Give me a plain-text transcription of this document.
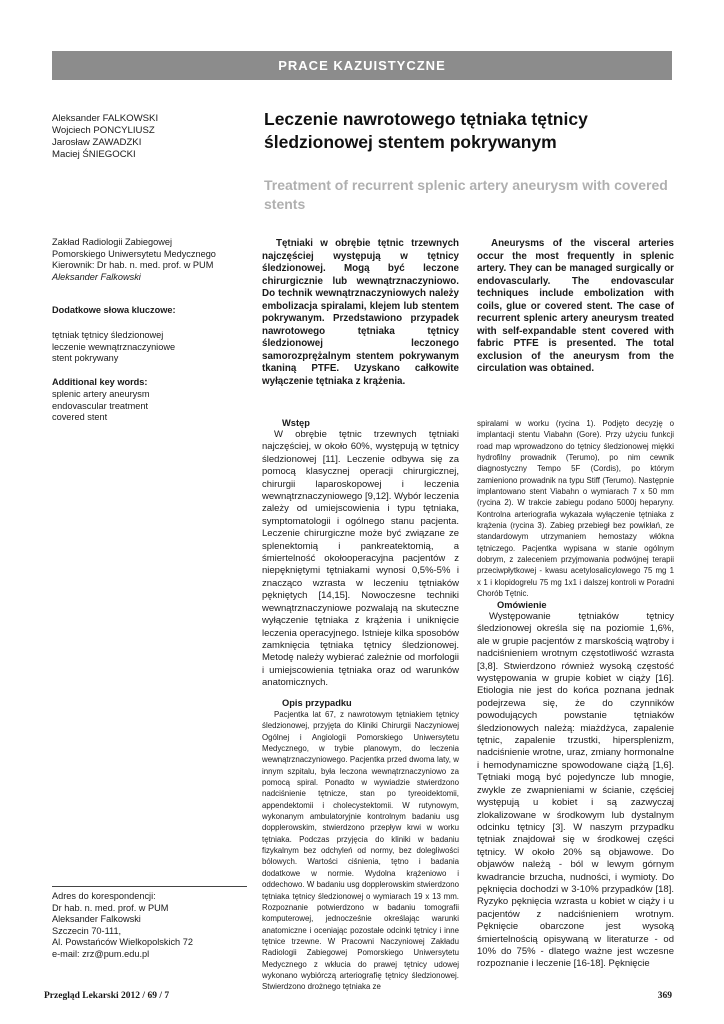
PRACE KAZUISTYCZNE
Aleksander FALKOWSKI
Wojciech PONCYLIUSZ
Jarosław ZAWADZKI
Maciej ŚNIEGOCKI
Leczenie nawrotowego tętniaka tętnicy śledzionowej stentem pokrywanym
Treatment of recurrent splenic artery aneurysm with covered stents
Zakład Radiologii Zabiegowej
Pomorskiego Uniwersytetu Medycznego
Kierownik: Dr hab. n. med. prof. w PUM
Aleksander Falkowski
Dodatkowe słowa kluczowe:
tętniak tętnicy śledzionowej
leczenie wewnątrznaczyniowe
stent pokrywany
Additional key words:
splenic artery aneurysm
endovascular treatment
covered stent
Adres do korespondencji:
Dr hab. n. med. prof. w PUM
Aleksander Falkowski
Szczecin 70-111,
Al. Powstańców Wielkopolskich 72
e-mail: zrz@pum.edu.pl
Tętniaki w obrębie tętnic trzewnych najczęściej występują w tętnicy śledzionowej. Mogą być leczone chirurgicznie lub wewnątrznaczyniowo. Do technik wewnątrznaczyniowych należy embolizacja spiralami, klejem lub stentem pokrywanym. Przedstawiono przypadek nawrotowego tętniaka tętnicy śledzionowej leczonego samorozprężalnym stentem pokrywanym tkaniną PTFE. Uzyskano całkowite wyłączenie tętniaka z krążenia.
Aneurysms of the visceral arteries occur the most frequently in splenic artery. They can be managed surgically or endovascularly. The endovascular techniques include embolization with coils, glue or covered stent. The case of recurrent splenic artery aneurysm treated with self-expandable stent covered with fabric PTFE is presented. The total exclusion of the aneurysm from the circulation was obtained.
Wstęp

W obrębie tętnic trzewnych tętniaki najczęściej, w około 60%, występują w tętnicy śledzionowej [11]. Leczenie odbywa się za pomocą klasycznej operacji chirurgicznej, chirurgii laparoskopowej i leczenia wewnątrznaczyniowego [9,12]. Wybór leczenia zależy od umiejscowienia i typu tętniaka, symptomatologii i ogólnego stanu pacjenta. Leczenie chirurgiczne może być związane ze splenektomią i pankreatektomią, a śmiertelność okołooperacyjna pacjentów z niepękniętymi tętniakami wynosi 0,5%-5% i znacząco wzrasta w leczeniu tętniaków pękniętych [14,15]. Nowoczesne techniki wewnątrznaczyniowe pozwalają na skuteczne wyłączenie tętniaka z krążenia i uniknięcie leczenia operacyjnego. Istnieje kilka sposobów zamknięcia tętniaka tętnicy śledzionowej. Metodę należy wybierać zależnie od morfologii i umiejscowienia tętniaka oraz od warunków anatomicznych.

Opis przypadku

Pacjentka lat 67, z nawrotowym tętniakiem tętnicy śledzionowej, przyjęta do Kliniki Chirurgii Naczyniowej Ogólnej i Angiologii Pomorskiego Uniwersytetu Medycznego, w trybie planowym, do leczenia wewnątrznaczyniowego. Pacjentka przed dwoma laty, w innym szpitalu, była leczona wewnątrznaczyniowo za pomocą spiral. Ponadto w wywiadzie stwierdzono nadciśnienie tętnicze, stan po tyreoidektomii, appendektomii i cholecystektomii. W rutynowym, wykonanym ambulatoryjnie kontrolnym badaniu usg dopplerowskim, stwierdzono przepływ krwi w worku tętniaka. Podczas przyjęcia do kliniki w badaniu fizykalnym bez odchyleń od normy, bez dolegliwości bólowych. Wartości ciśnienia, tętno i badania dodatkowe w normie. Wydolna krążeniowo i oddechowo. W badaniu usg dopplerowskim stwierdzono tętniaka tętnicy śledzionowej o wymiarach 19 x 13 mm. Rozpoznanie potwierdzono w badaniu tomografii komputerowej, jednocześnie określając warunki anatomiczne i oceniając pozostałe odcinki tętnicy i inne tętnice trzewne. W Pracowni Naczyniowej Zakładu Radiologii Zabiegowej Pomorskiego Uniwersytetu Medycznego z wkłucia do prawej tętnicy udowej wykonano wybiórczą arteriografię tętnicy śledzionowej. Stwierdzono drożnego tętniaka ze

spiralami w worku (rycina 1). Podjęto decyzję o implantacji stentu Viabahn (Gore). Przy użyciu funkcji road map wprowadzono do tętnicy śledzionowej miękki hydrofilny prowadnik (Terumo), po nim cewnik diagnostyczny Tempo 5F (Cordis), po którym zamieniono prowadnik na typu Stiff (Terumo). Następnie implantowano stent Viabahn o wymiarach 7 x 50 mm (rycina 2). W trakcie zabiegu podano 5000j heparyny. Kontrolna arteriografia wykazała wyłączenie tętniaka z krążenia (rycina 3). Zabieg przebiegł bez powikłań, ze standardowym utrzymaniem hemostazy włókna tętniczego. Pacjentka wypisana w stanie ogólnym dobrym, z zaleceniem przyjmowania podwójnej terapii przeciwpłytkowej - kwasu acetylosalicylowego 75 mg 1 x 1 i klopidogrelu 75 mg 1x1 i dalszej kontroli w Poradni Chorób Tętnic.

Omówienie

Występowanie tętniaków tętnicy śledzionowej określa się na poziomie 1,6%, ale w grupie pacjentów z marskością wątroby i nadciśnieniem wrotnym częstotliwość wzrasta [3,8]. Stwierdzono również wysoką częstość występowania w grupie kobiet w ciąży [16]. Etiologia nie jest do końca poznana jednak podejrzewa się, że do czynników powodujących powstanie tętniaków śledzionowych należą: miażdżyca, zapalenie tętnic, zapalenie trzustki, hipersplenizm, nadciśnienie wrotne, uraz, zmiany hormonalne i hemodynamiczne spowodowane ciążą [1,6]. Tętniaki mogą być pojedyncze lub mnogie, zwykle ze zwapnieniami w ścianie, częściej występują u kobiet i są zazwyczaj zlokalizowane w środkowym lub dystalnym odcinku tętnicy [3]. W naszym przypadku tętniak znajdował się w środkowej części tętnicy. W około 20% są objawowe. Do objawów należą - ból w lewym górnym kwadrancie brzucha, nudności, i wymioty. Do pęknięcia dochodzi w 3-10% przypadków [18]. Ryzyko pęknięcia wzrasta u kobiet w ciąży i u pacjentów z nadciśnieniem wrotnym. Pęknięcie obarczone jest wysoką śmiertelnością opisywaną w literaturze - od 10% do 75% - dlatego ważne jest wczesne rozpoznanie i leczenie [16-18]. Pęknięcie

Przegląd Lekarski 2012 / 69 / 7	369
